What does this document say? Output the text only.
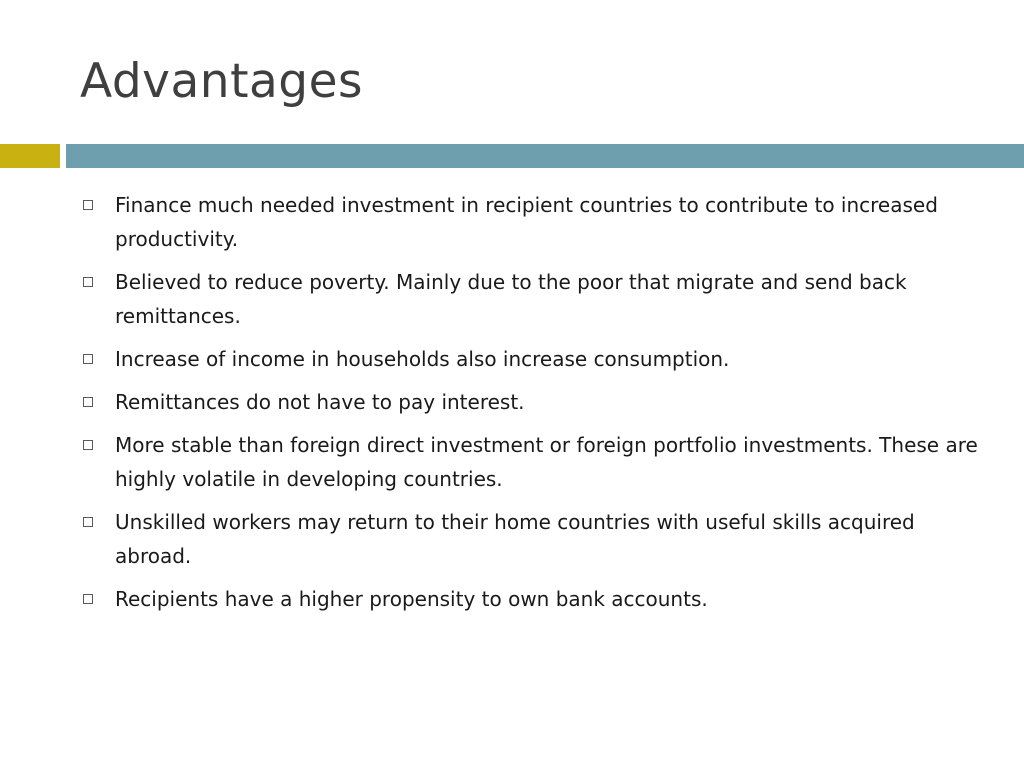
Advantages
Finance much needed investment in recipient countries to contribute to increased productivity.
Believed to reduce poverty. Mainly due to the poor that migrate and send back remittances.
Increase of income in households also increase consumption.
Remittances do not have to pay interest.
More stable than foreign direct investment or foreign portfolio investments. These are highly volatile in developing countries.
Unskilled workers may return to their home countries with useful skills acquired abroad.
Recipients have a higher propensity to own bank accounts.
